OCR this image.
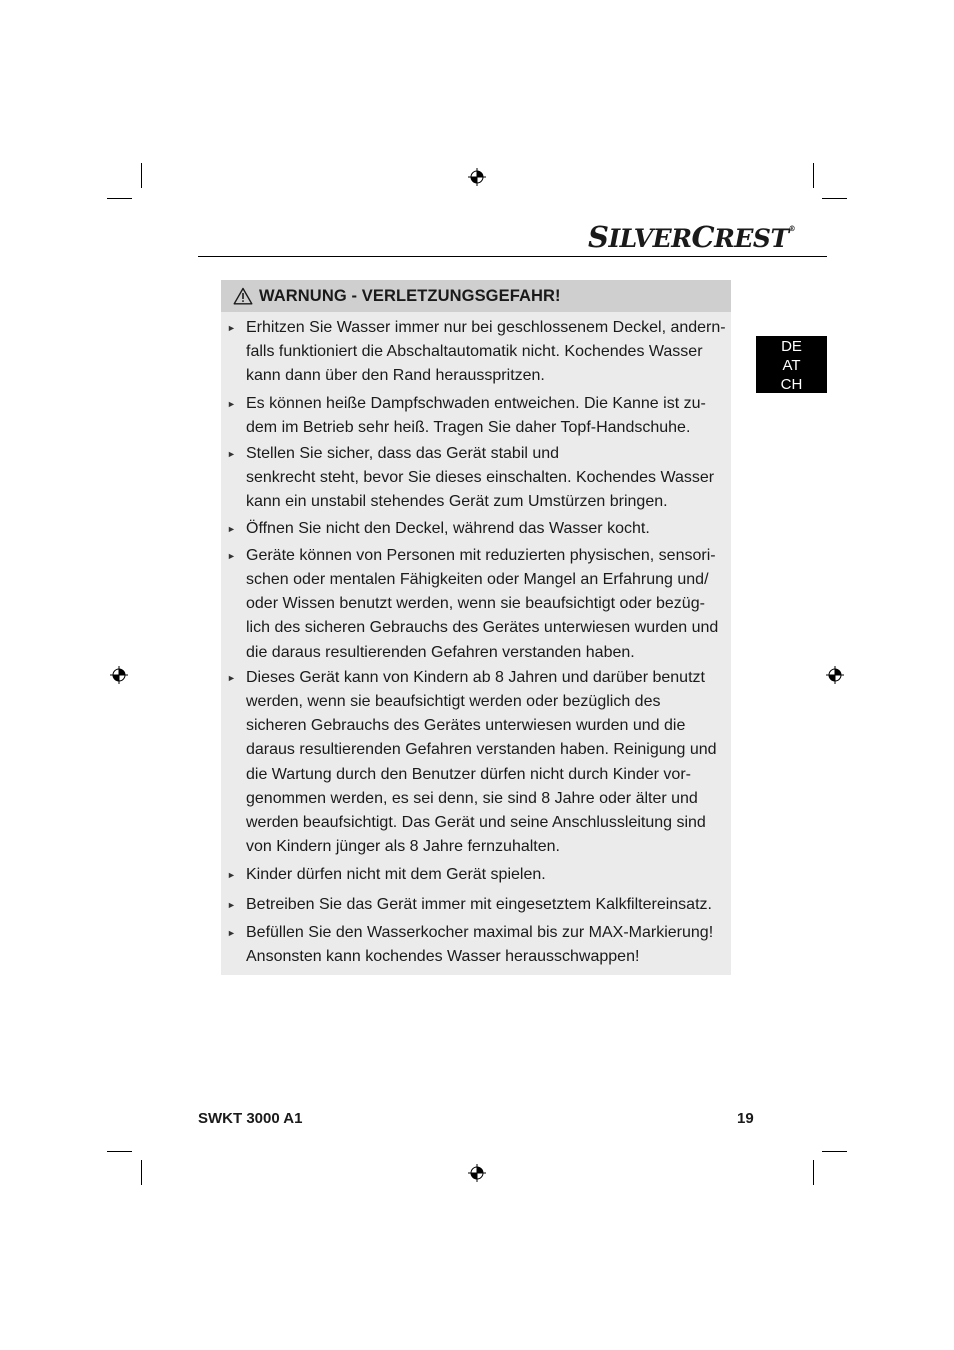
SILVERCREST®
DE
AT
CH
WARNUNG - VERLETZUNGSGEFAHR!
► Erhitzen Sie Wasser immer nur bei geschlossenem Deckel, andern-
falls funktioniert die Abschaltautomatik nicht. Kochendes Wasser
kann dann über den Rand herausspritzen.
► Es können heiße Dampfschwaden entweichen. Die Kanne ist zu-
dem im Betrieb sehr heiß. Tragen Sie daher Topf-Handschuhe.
► Stellen Sie sicher, dass das Gerät stabil und
senkrecht steht, bevor Sie dieses einschalten. Kochendes Wasser
kann ein unstabil stehendes Gerät zum Umstürzen bringen.
► Öffnen Sie nicht den Deckel, während das Wasser kocht.
► Geräte können von Personen mit reduzierten physischen, sensori-
schen oder mentalen Fähigkeiten oder Mangel an Erfahrung und/
oder Wissen benutzt werden, wenn sie beaufsichtigt oder bezüg-
lich des sicheren Gebrauchs des Gerätes unterwiesen wurden und
die daraus resultierenden Gefahren verstanden haben.
► Dieses Gerät kann von Kindern ab 8 Jahren und darüber benutzt
werden, wenn sie beaufsichtigt werden oder bezüglich des
sicheren Gebrauchs des Gerätes unterwiesen wurden und die
daraus resultierenden Gefahren verstanden haben. Reinigung und
die Wartung durch den Benutzer dürfen nicht durch Kinder vor-
genommen werden, es sei denn, sie sind 8 Jahre oder älter und
werden beaufsichtigt. Das Gerät und seine Anschlussleitung sind
von Kindern jünger als 8 Jahre fernzuhalten.
► Kinder dürfen nicht mit dem Gerät spielen.
► Betreiben Sie das Gerät immer mit eingesetztem Kalkfiltereinsatz.
► Befüllen Sie den Wasserkocher maximal bis zur MAX-Markierung!
Ansonsten kann kochendes Wasser herausschwappen!
SWKT 3000 A1	19
